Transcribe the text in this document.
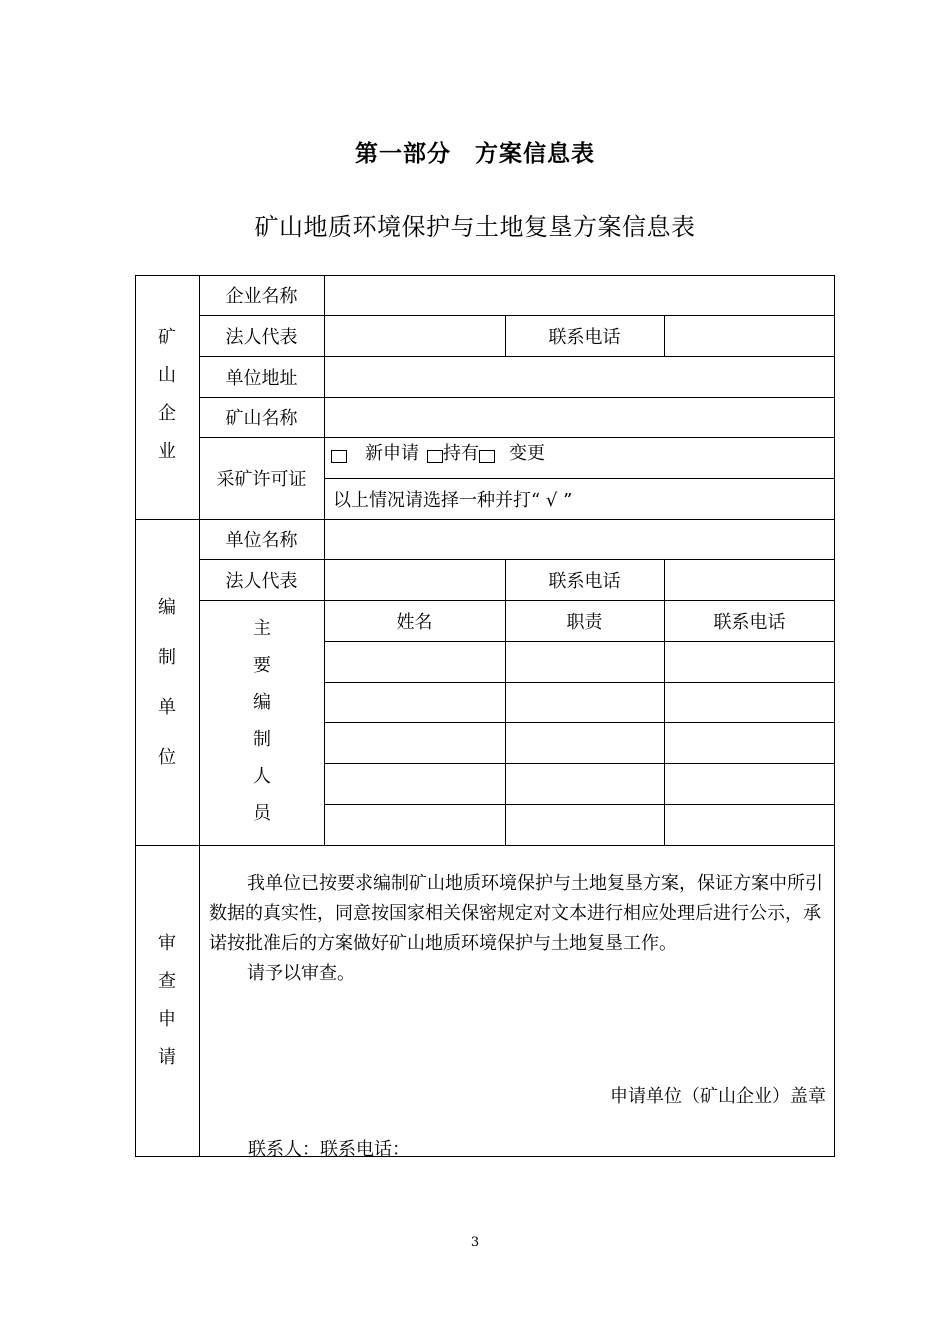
第一部分 方案信息表
矿山地质环境保护与土地复垦方案信息表
矿
山
企
业
企业名称
法人代表	联系电话
单位地址
矿山名称
采矿许可证
新申请 持有 变更
以上情况请选择一种并打“ √ ”
编
制
单
位
单位名称
法人代表	联系电话
主
要
编
制
人
员
姓名	职责	联系电话
审
查
申
请

我单位已按要求编制矿山地质环境保护与土地复垦方案，保证方案中所引数据的真实性，同意按国家相关保密规定对文本进行相应处理后进行公示，承诺按批准后的方案做好矿山地质环境保护与土地复垦工作。

请予以审查。

申请单位（矿山企业）盖章
联系人：联系电话：
3
